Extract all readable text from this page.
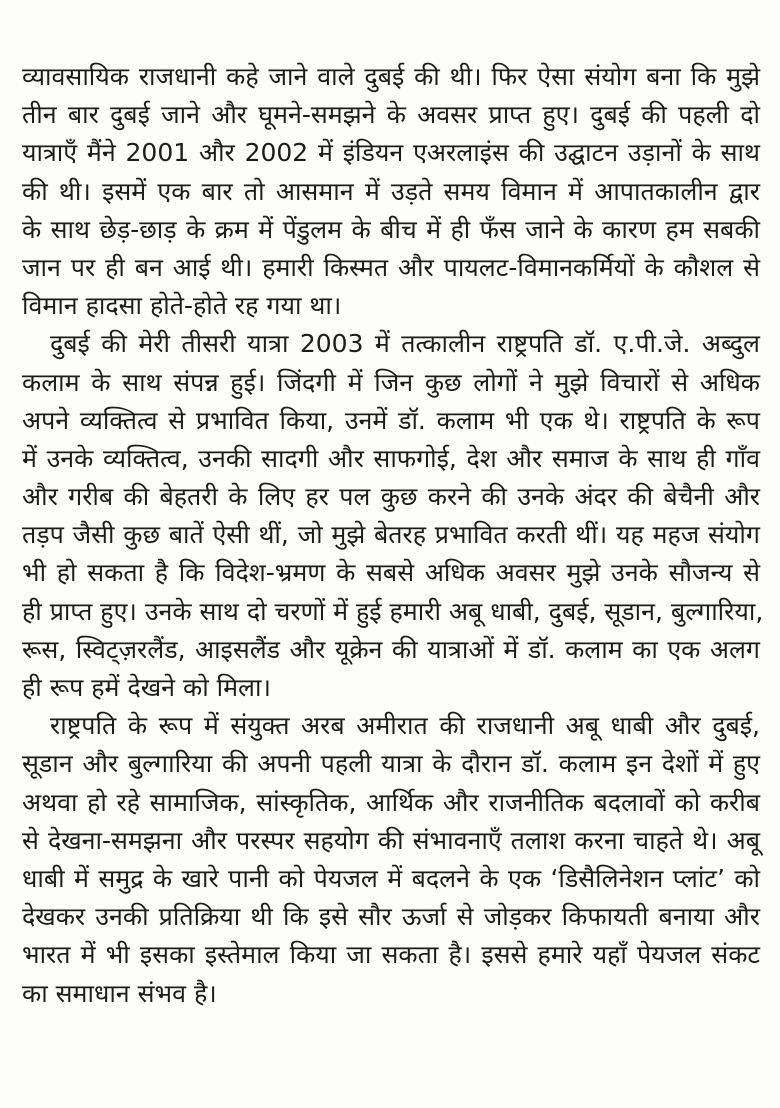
व्यावसायिक राजधानी कहे जाने वाले दुबई की थी। फिर ऐसा संयोग बना कि मुझे
तीन बार दुबई जाने और घूमने-समझने के अवसर प्राप्त हुए। दुबई की पहली दो
यात्राएँ मैंने 2001 और 2002 में इंडियन एअरलाइंस की उद्घाटन उड़ानों के साथ
की थी। इसमें एक बार तो आसमान में उड़ते समय विमान में आपातकालीन द्वार
के साथ छेड़-छाड़ के क्रम में पेंडुलम के बीच में ही फँस जाने के कारण हम सबकी
जान पर ही बन आई थी। हमारी किस्मत और पायलट-विमानकर्मियों के कौशल से
विमान हादसा होते-होते रह गया था।
दुबई की मेरी तीसरी यात्रा 2003 में तत्कालीन राष्ट्रपति डॉ. ए.पी.जे. अब्दुल
कलाम के साथ संपन्न हुई। जिंदगी में जिन कुछ लोगों ने मुझे विचारों से अधिक
अपने व्यक्तित्व से प्रभावित किया, उनमें डॉ. कलाम भी एक थे। राष्ट्रपति के रूप
में उनके व्यक्तित्व, उनकी सादगी और साफगोई, देश और समाज के साथ ही गाँव
और गरीब की बेहतरी के लिए हर पल कुछ करने की उनके अंदर की बेचैनी और
तड़प जैसी कुछ बातें ऐसी थीं, जो मुझे बेतरह प्रभावित करती थीं। यह महज संयोग
भी हो सकता है कि विदेश-भ्रमण के सबसे अधिक अवसर मुझे उनके सौजन्य से
ही प्राप्त हुए। उनके साथ दो चरणों में हुई हमारी अबू धाबी, दुबई, सूडान, बुल्गारिया,
रूस, स्विट्ज़रलैंड, आइसलैंड और यूक्रेन की यात्राओं में डॉ. कलाम का एक अलग
ही रूप हमें देखने को मिला।
राष्ट्रपति के रूप में संयुक्त अरब अमीरात की राजधानी अबू धाबी और दुबई,
सूडान और बुल्गारिया की अपनी पहली यात्रा के दौरान डॉ. कलाम इन देशों में हुए
अथवा हो रहे सामाजिक, सांस्कृतिक, आर्थिक और राजनीतिक बदलावों को करीब
से देखना-समझना और परस्पर सहयोग की संभावनाएँ तलाश करना चाहते थे। अबू
धाबी में समुद्र के खारे पानी को पेयजल में बदलने के एक ‘डिसैलिनेशन प्लांट’ को
देखकर उनकी प्रतिक्रिया थी कि इसे सौर ऊर्जा से जोड़कर किफायती बनाया और
भारत में भी इसका इस्तेमाल किया जा सकता है। इससे हमारे यहाँ पेयजल संकट
का समाधान संभव है।
